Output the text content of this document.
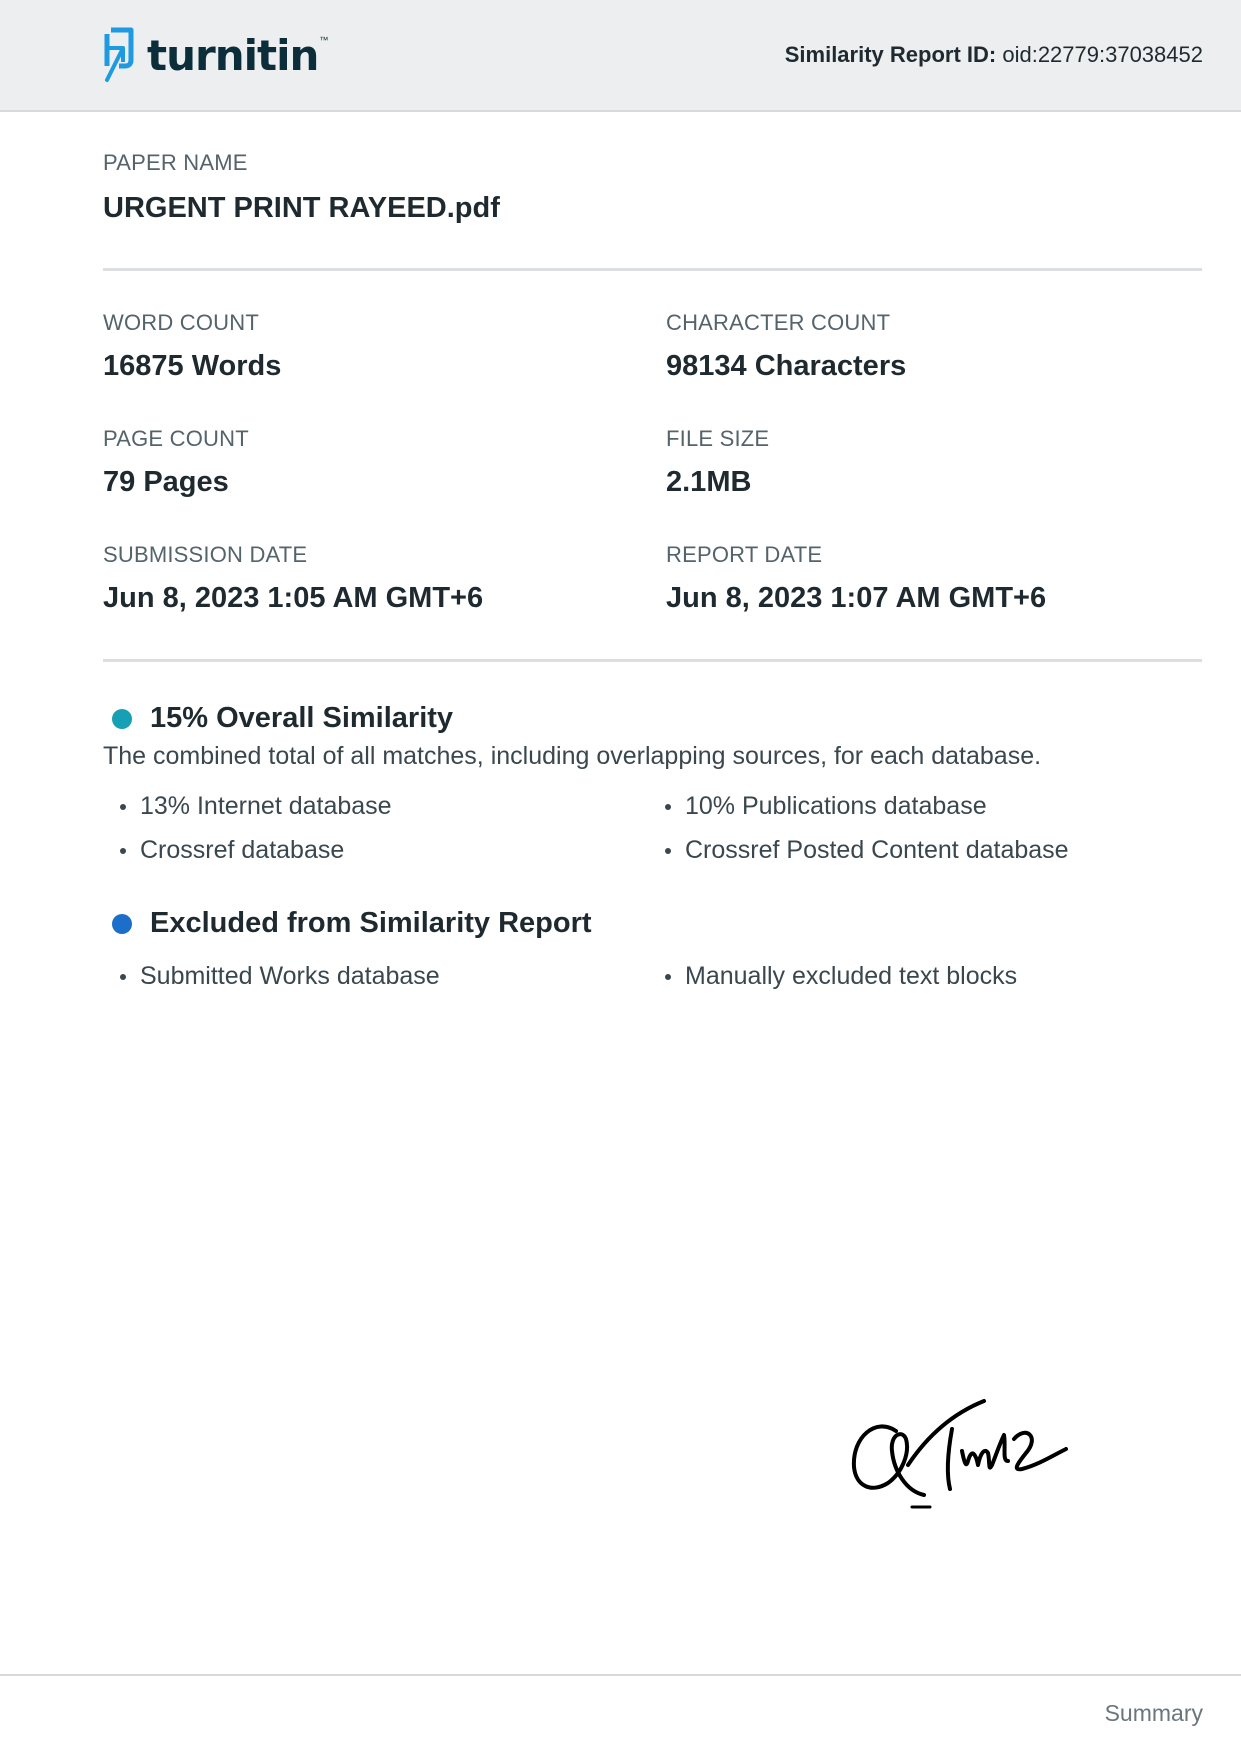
turnitin ™
Similarity Report ID: oid:22779:37038452
PAPER NAME
URGENT PRINT RAYEED.pdf
WORD COUNT
16875 Words
CHARACTER COUNT
98134 Characters
PAGE COUNT
79 Pages
FILE SIZE
2.1MB
SUBMISSION DATE
Jun 8, 2023 1:05 AM GMT+6
REPORT DATE
Jun 8, 2023 1:07 AM GMT+6
15% Overall Similarity
The combined total of all matches, including overlapping sources, for each database.
13% Internet database	10% Publications database
Crossref database	Crossref Posted Content database
Excluded from Similarity Report
Submitted Works database	Manually excluded text blocks
Summary
